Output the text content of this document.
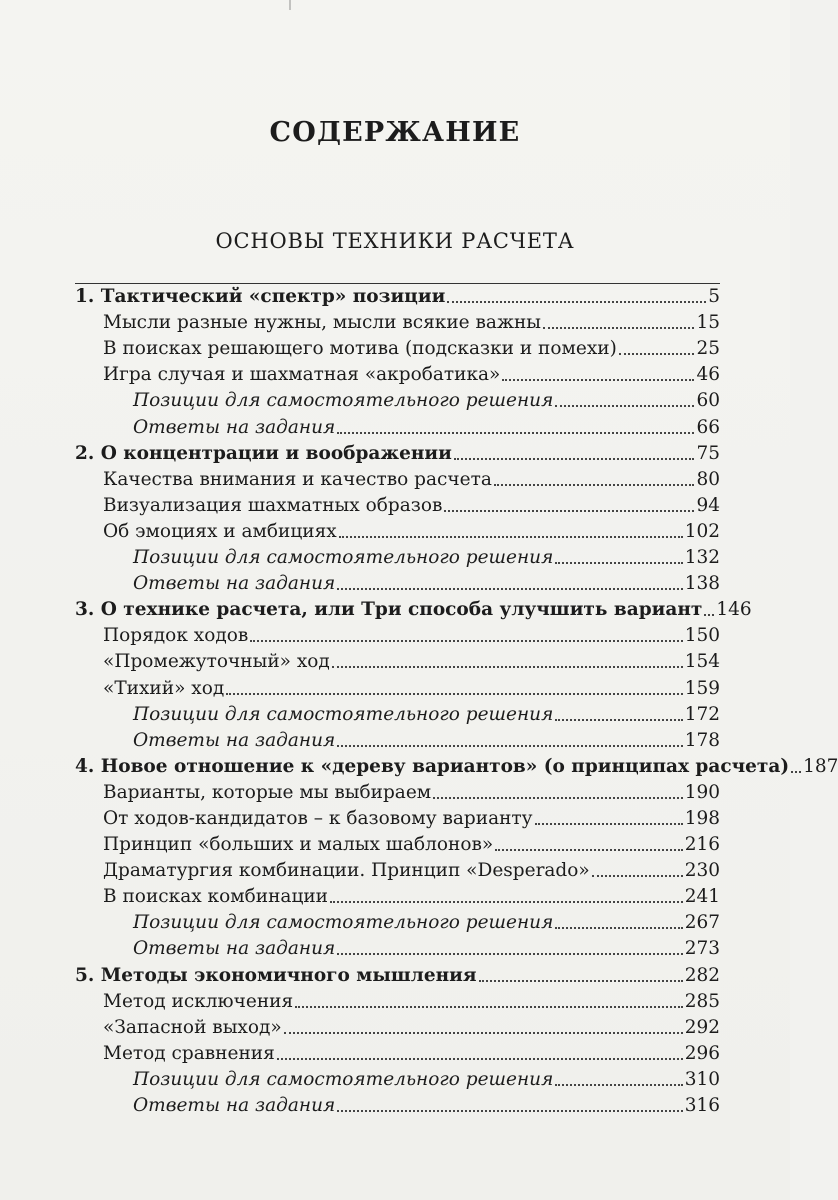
СОДЕРЖАНИЕ
ОСНОВЫ ТЕХНИКИ РАСЧЕТА
1. Тактический «спектр» позиции	5
Мысли разные нужны, мысли всякие важны	15
В поисках решающего мотива (подсказки и помехи)	25
Игра случая и шахматная «акробатика»	46
Позиции для самостоятельного решения	60
Ответы на задания	66
2. О концентрации и воображении	75
Качества внимания и качество расчета	80
Визуализация шахматных образов	94
Об эмоциях и амбициях	102
Позиции для самостоятельного решения	132
Ответы на задания	138
3. О технике расчета, или Три способа улучшить вариант 146
Порядок ходов	150
«Промежуточный» ход	154
«Тихий» ход	159
Позиции для самостоятельного решения	172
Ответы на задания	178
4. Новое отношение к «дереву вариантов» (о принципах расчета) 187
Варианты, которые мы выбираем	190
От ходов-кандидатов – к базовому варианту	198
Принцип «больших и малых шаблонов»	216
Драматургия комбинации. Принцип «Desperado»	230
В поисках комбинации	241
Позиции для самостоятельного решения	267
Ответы на задания	273
5. Методы экономичного мышления	282
Метод исключения	285
«Запасной выход»	292
Метод сравнения	296
Позиции для самостоятельного решения	310
Ответы на задания	316
